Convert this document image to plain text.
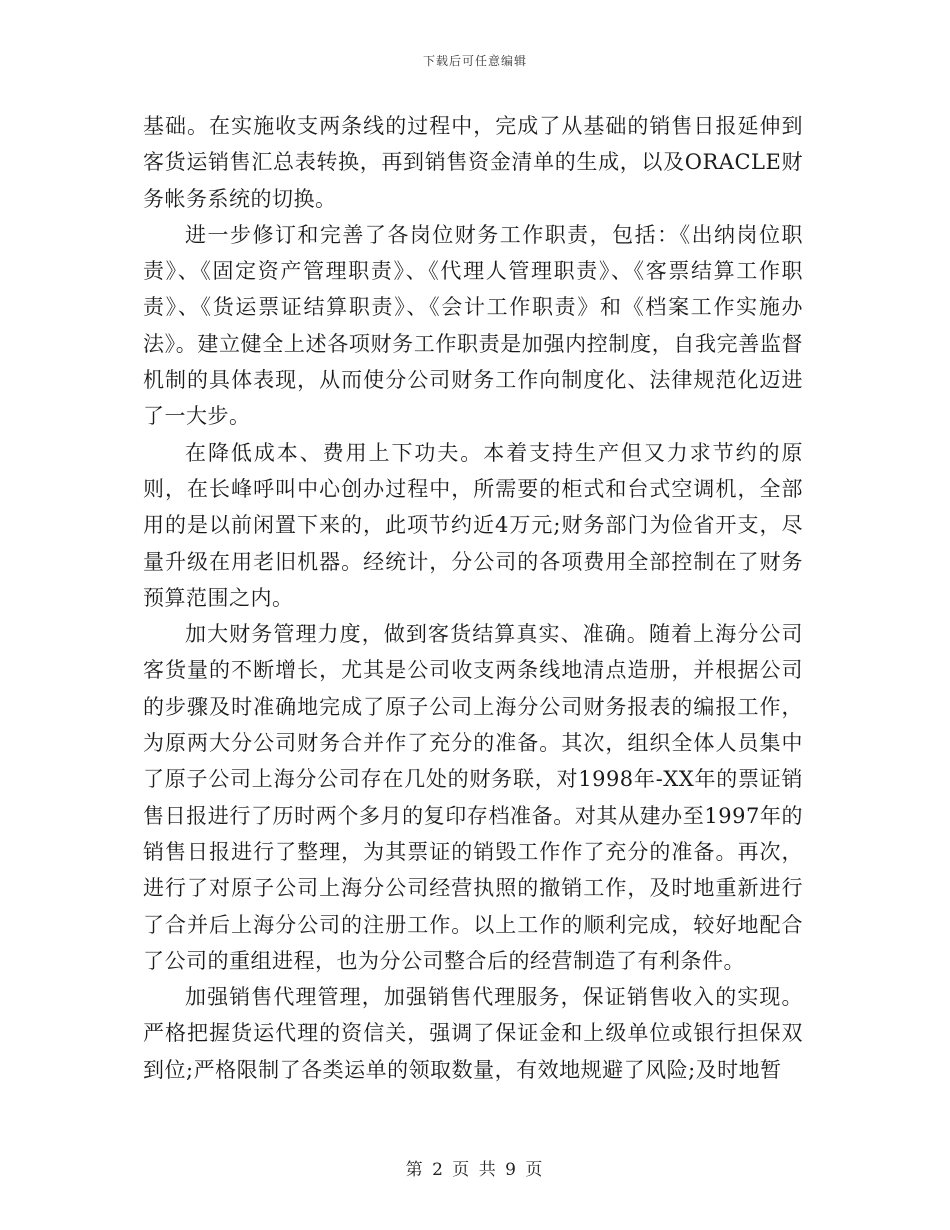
下载后可任意编辑

基础。在实施收支两条线的过程中，完成了从基础的销售日报延伸到客货运销售汇总表转换，再到销售资金清单的生成，以及ORACLE财务帐务系统的切换。

进一步修订和完善了各岗位财务工作职责，包括：《出纳岗位职责》、《固定资产管理职责》、《代理人管理职责》、《客票结算工作职责》、《货运票证结算职责》、《会计工作职责》和《档案工作实施办法》。建立健全上述各项财务工作职责是加强内控制度，自我完善监督机制的具体表现，从而使分公司财务工作向制度化、法律规范化迈进了一大步。

在降低成本、费用上下功夫。本着支持生产但又力求节约的原则，在长峰呼叫中心创办过程中，所需要的柜式和台式空调机，全部用的是以前闲置下来的，此项节约近4万元;财务部门为俭省开支，尽量升级在用老旧机器。经统计，分公司的各项费用全部控制在了财务预算范围之内。

加大财务管理力度，做到客货结算真实、准确。随着上海分公司客货量的不断增长，尤其是公司收支两条线地清点造册，并根据公司的步骤及时准确地完成了原子公司上海分公司财务报表的编报工作，为原两大分公司财务合并作了充分的准备。其次，组织全体人员集中了原子公司上海分公司存在几处的财务联，对1998年-XX年的票证销售日报进行了历时两个多月的复印存档准备。对其从建办至1997年的销售日报进行了整理，为其票证的销毁工作作了充分的准备。再次，进行了对原子公司上海分公司经营执照的撤销工作，及时地重新进行了合并后上海分公司的注册工作。以上工作的顺利完成，较好地配合了公司的重组进程，也为分公司整合后的经营制造了有利条件。

加强销售代理管理，加强销售代理服务，保证销售收入的实现。严格把握货运代理的资信关，强调了保证金和上级单位或银行担保双到位;严格限制了各类运单的领取数量，有效地规避了风险;及时地暂

第 2 页 共 9 页
